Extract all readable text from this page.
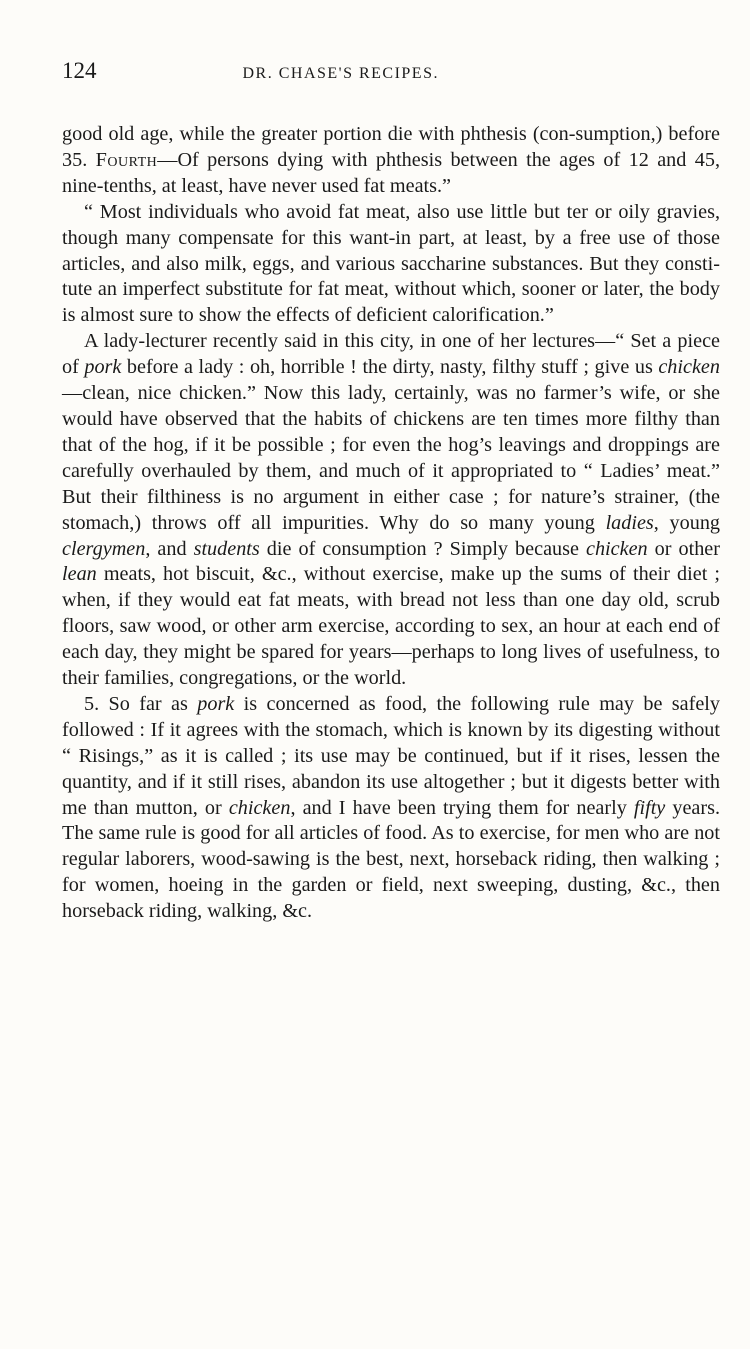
124	DR. CHASE'S RECIPES.

good old age, while the greater portion die with phthesis (con-sumption,) before 35. Fourth—Of persons dying with phthesis between the ages of 12 and 45, nine-tenths, at least, have never used fat meats.”

“ Most individuals who avoid fat meat, also use little but ter or oily gravies, though many compensate for this want-in part, at least, by a free use of those articles, and also milk, eggs, and various saccharine substances. But they constitute an imperfect substitute for fat meat, without which, sooner or later, the body is almost sure to show the effects of deficient calorification.”

A lady-lecturer recently said in this city, in one of her lectures—“ Set a piece of pork before a lady : oh, horrible ! the dirty, nasty, filthy stuff ; give us chicken—clean, nice chicken.” Now this lady, certainly, was no farmer’s wife, or she would have observed that the habits of chickens are ten times more filthy than that of the hog, if it be possible ; for even the hog’s leavings and droppings are carefully overhauled by them, and much of it appropriated to “ Ladies’ meat.” But their filthiness is no argument in either case ; for nature’s strainer, (the stomach,) throws off all impurities. Why do so many young ladies, young clergymen, and students die of consumption ? Simply because chicken or other lean meats, hot biscuit, &c., without exercise, make up the sums of their diet ; when, if they would eat fat meats, with bread not less than one day old, scrub floors, saw wood, or other arm exercise, according to sex, an hour at each end of each day, they might be spared for years—perhaps to long lives of usefulness, to their families, congregations, or the world.

5. So far as pork is concerned as food, the following rule may be safely followed : If it agrees with the stomach, which is known by its digesting without “ Risings,” as it is called ; its use may be continued, but if it rises, lessen the quantity, and if it still rises, abandon its use altogether ; but it digests better with me than mutton, or chicken, and I have been trying them for nearly fifty years. The same rule is good for all articles of food. As to exercise, for men who are not regular laborers, wood-sawing is the best, next, horseback riding, then walking ; for women, hoeing in the garden or field, next sweeping, dusting, &c., then horseback riding, walking, &c.
